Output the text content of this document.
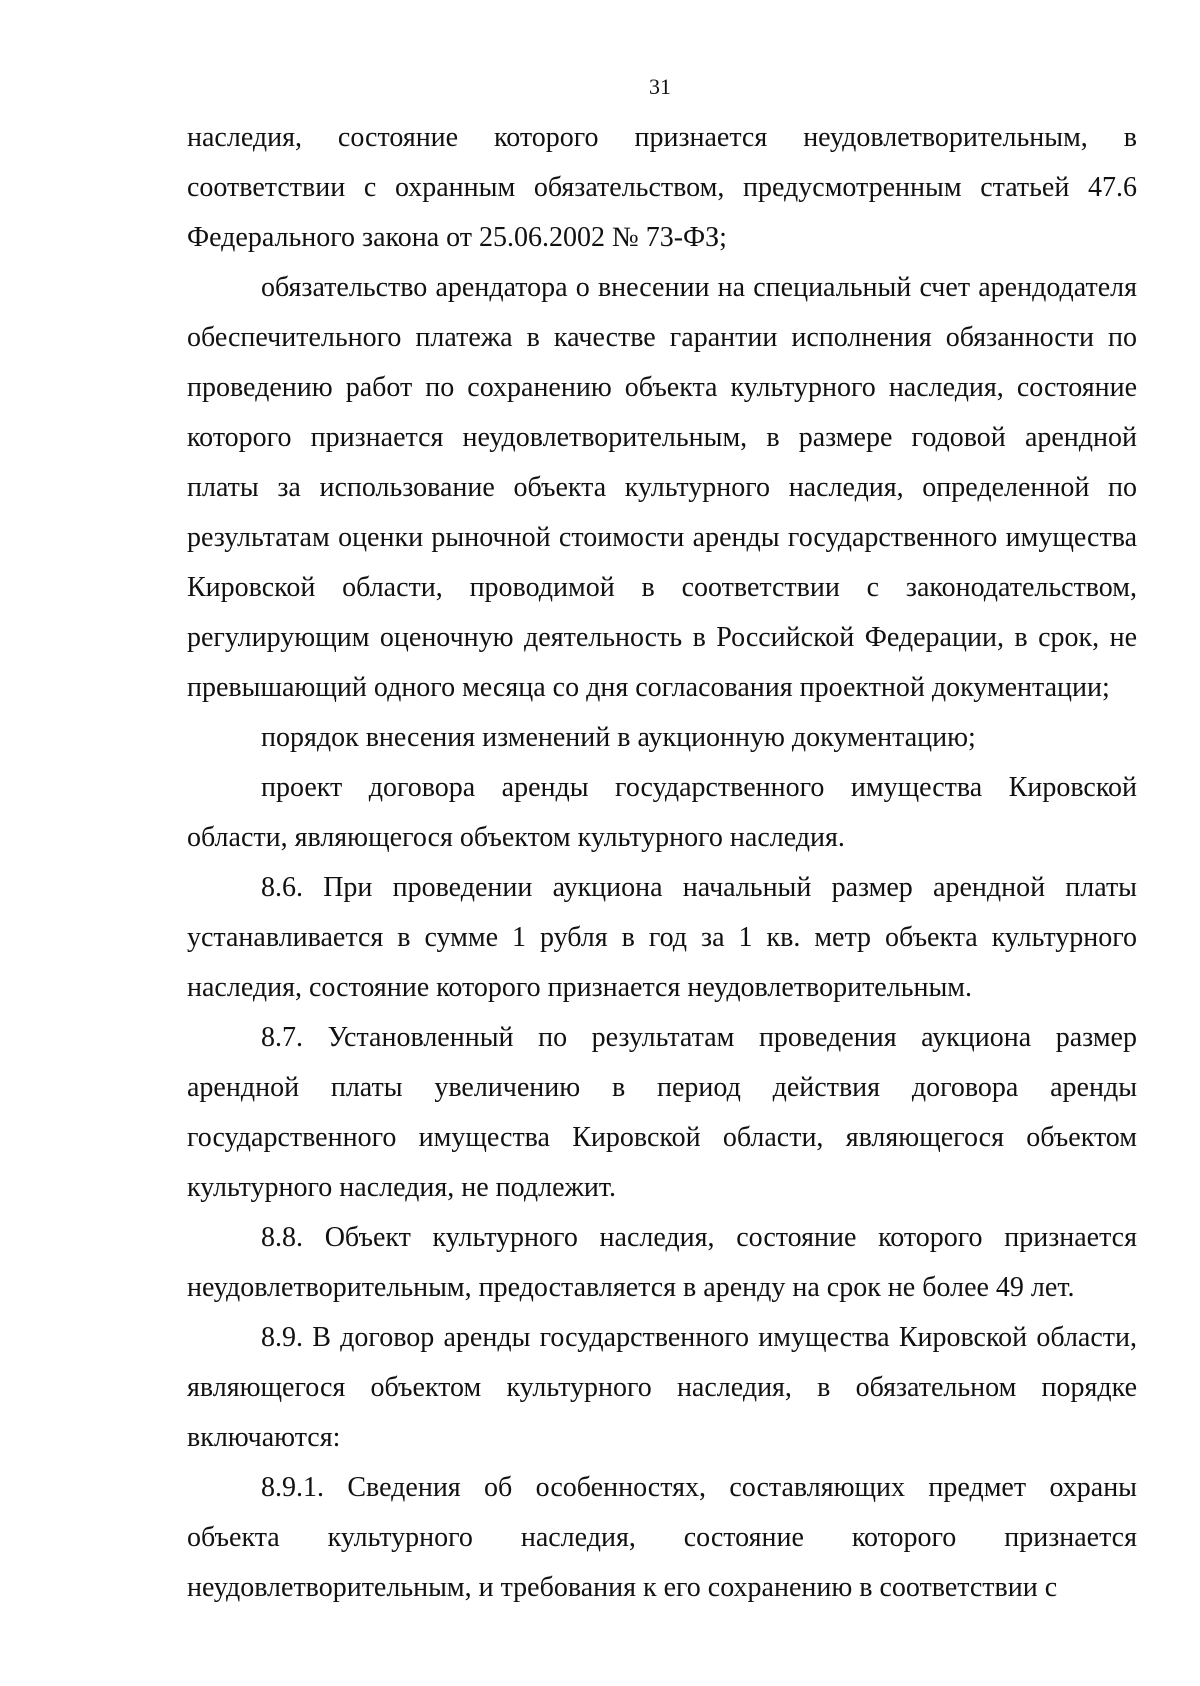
31

наследия, состояние которого признается неудовлетворительным, в соответствии с охранным обязательством, предусмотренным статьей 47.6 Федерального закона от 25.06.2002 № 73-ФЗ;

обязательство арендатора о внесении на специальный счет арендодателя обеспечительного платежа в качестве гарантии исполнения обязанности по проведению работ по сохранению объекта культурного наследия, состояние которого признается неудовлетворительным, в размере годовой арендной платы за использование объекта культурного наследия, определенной по результатам оценки рыночной стоимости аренды государственного имущества Кировской области, проводимой в соответствии с законодательством, регулирующим оценочную деятельность в Российской Федерации, в срок, не превышающий одного месяца со дня согласования проектной документации;

порядок внесения изменений в аукционную документацию;

проект договора аренды государственного имущества Кировской области, являющегося объектом культурного наследия.

8.6. При проведении аукциона начальный размер арендной платы устанавливается в сумме 1 рубля в год за 1 кв. метр объекта культурного наследия, состояние которого признается неудовлетворительным.

8.7. Установленный по результатам проведения аукциона размер арендной платы увеличению в период действия договора аренды государственного имущества Кировской области, являющегося объектом культурного наследия, не подлежит.

8.8. Объект культурного наследия, состояние которого признается неудовлетворительным, предоставляется в аренду на срок не более 49 лет.

8.9. В договор аренды государственного имущества Кировской области, являющегося объектом культурного наследия, в обязательном порядке включаются:

8.9.1. Сведения об особенностях, составляющих предмет охраны объекта культурного наследия, состояние которого признается неудовлетворительным, и требования к его сохранению в соответствии с
